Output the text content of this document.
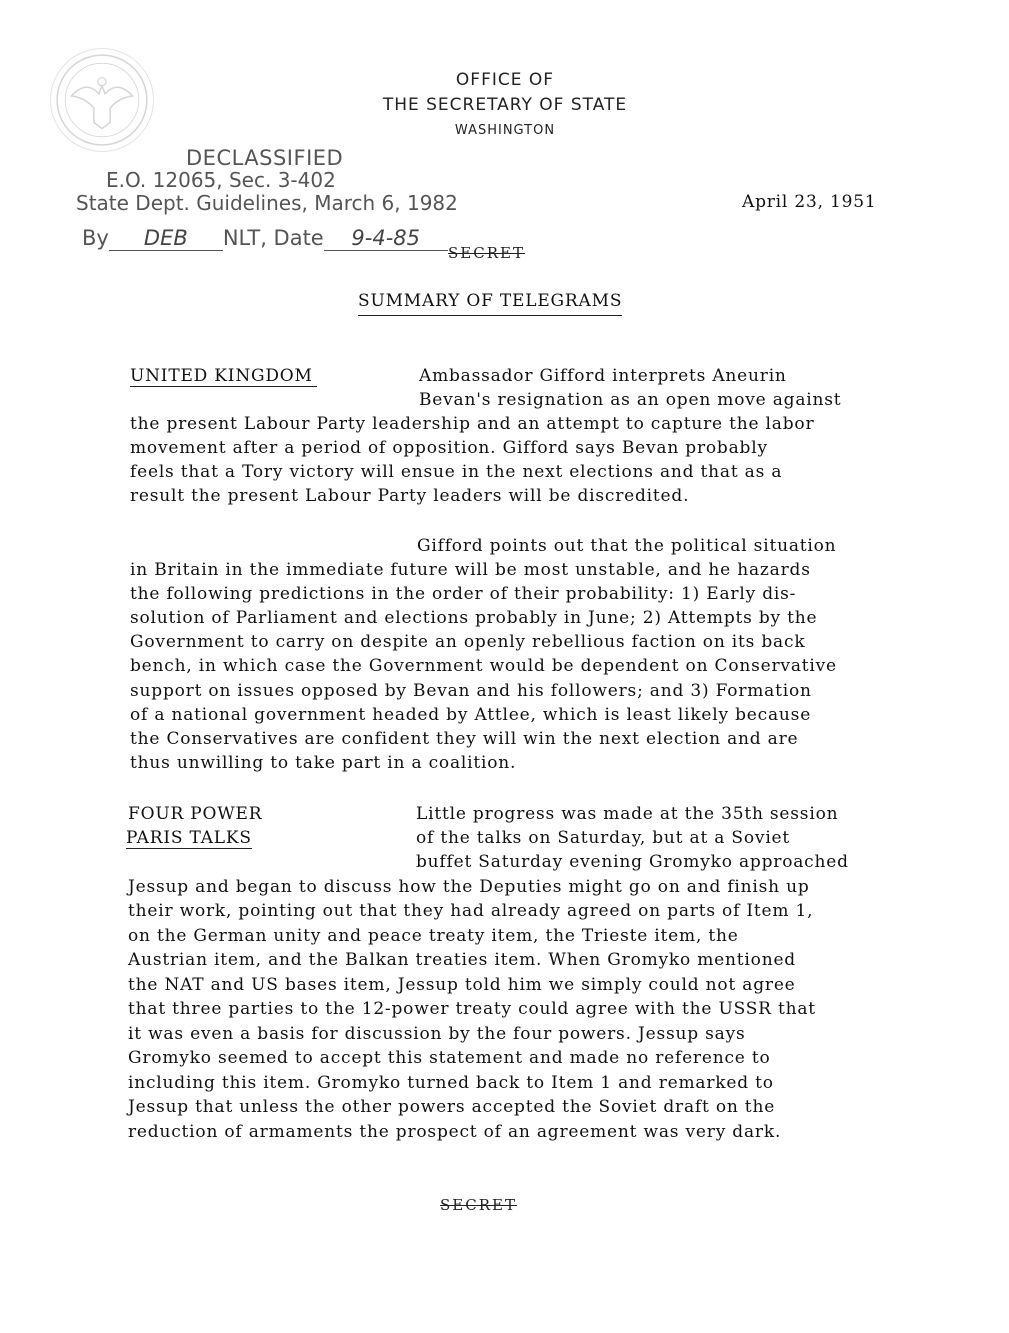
OFFICE OF
THE SECRETARY OF STATE
WASHINGTON
DECLASSIFIED
E.O. 12065, Sec. 3-402
State Dept. Guidelines, March 6, 1982
By DEB NLT, Date 9-4-85
April 23, 1951
SECRET
SUMMARY OF TELEGRAMS
UNITED KINGDOM	Ambassador Gifford interprets Aneurin
Bevan's resignation as an open move against
the present Labour Party leadership and an attempt to capture the labor
movement after a period of opposition. Gifford says Bevan probably
feels that a Tory victory will ensue in the next elections and that as a
result the present Labour Party leaders will be discredited.
Gifford points out that the political situation
in Britain in the immediate future will be most unstable, and he hazards
the following predictions in the order of their probability: 1) Early dis-
solution of Parliament and elections probably in June; 2) Attempts by the
Government to carry on despite an openly rebellious faction on its back
bench, in which case the Government would be dependent on Conservative
support on issues opposed by Bevan and his followers; and 3) Formation
of a national government headed by Attlee, which is least likely because
the Conservatives are confident they will win the next election and are
thus unwilling to take part in a coalition.
FOUR POWER
PARIS TALKS
Little progress was made at the 35th session
of the talks on Saturday, but at a Soviet
buffet Saturday evening Gromyko approached
Jessup and began to discuss how the Deputies might go on and finish up
their work, pointing out that they had already agreed on parts of Item 1,
on the German unity and peace treaty item, the Trieste item, the
Austrian item, and the Balkan treaties item. When Gromyko mentioned
the NAT and US bases item, Jessup told him we simply could not agree
that three parties to the 12-power treaty could agree with the USSR that
it was even a basis for discussion by the four powers. Jessup says
Gromyko seemed to accept this statement and made no reference to
including this item. Gromyko turned back to Item 1 and remarked to
Jessup that unless the other powers accepted the Soviet draft on the
reduction of armaments the prospect of an agreement was very dark.
SECRET
